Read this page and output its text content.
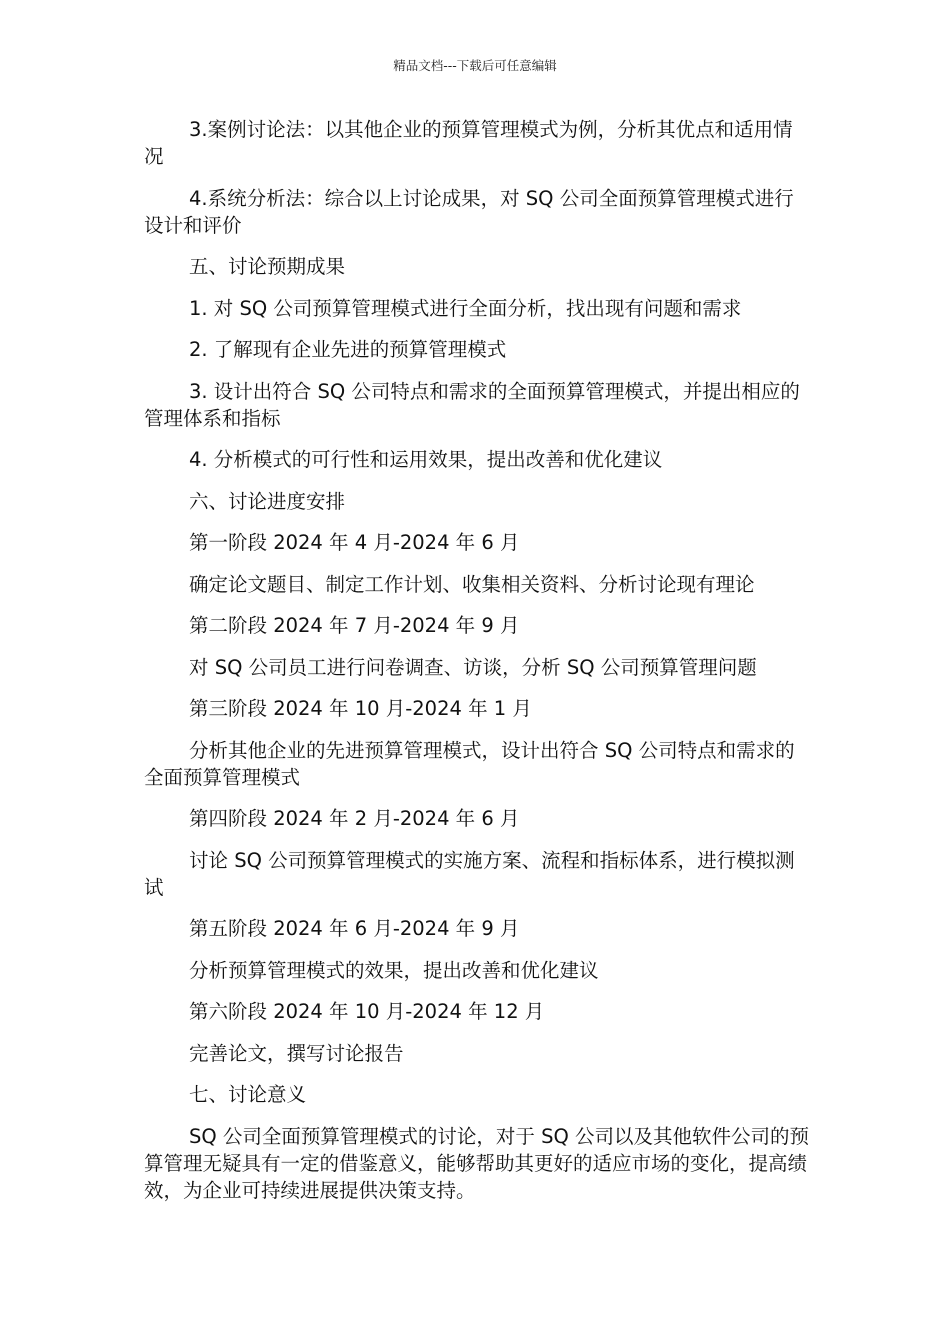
精品文档---下载后可任意编辑

3.案例讨论法：以其他企业的预算管理模式为例，分析其优点和适用情况

4.系统分析法：综合以上讨论成果，对 SQ 公司全面预算管理模式进行设计和评价

五、讨论预期成果

1. 对 SQ 公司预算管理模式进行全面分析，找出现有问题和需求

2. 了解现有企业先进的预算管理模式

3. 设计出符合 SQ 公司特点和需求的全面预算管理模式，并提出相应的管理体系和指标

4. 分析模式的可行性和运用效果，提出改善和优化建议

六、讨论进度安排

第一阶段 2024 年 4 月-2024 年 6 月

确定论文题目、制定工作计划、收集相关资料、分析讨论现有理论

第二阶段 2024 年 7 月-2024 年 9 月

对 SQ 公司员工进行问卷调查、访谈，分析 SQ 公司预算管理问题

第三阶段 2024 年 10 月-2024 年 1 月

分析其他企业的先进预算管理模式，设计出符合 SQ 公司特点和需求的全面预算管理模式

第四阶段 2024 年 2 月-2024 年 6 月

讨论 SQ 公司预算管理模式的实施方案、流程和指标体系，进行模拟测试

第五阶段 2024 年 6 月-2024 年 9 月

分析预算管理模式的效果，提出改善和优化建议

第六阶段 2024 年 10 月-2024 年 12 月

完善论文，撰写讨论报告

七、讨论意义

SQ 公司全面预算管理模式的讨论，对于 SQ 公司以及其他软件公司的预算管理无疑具有一定的借鉴意义，能够帮助其更好的适应市场的变化，提高绩效，为企业可持续进展提供决策支持。
